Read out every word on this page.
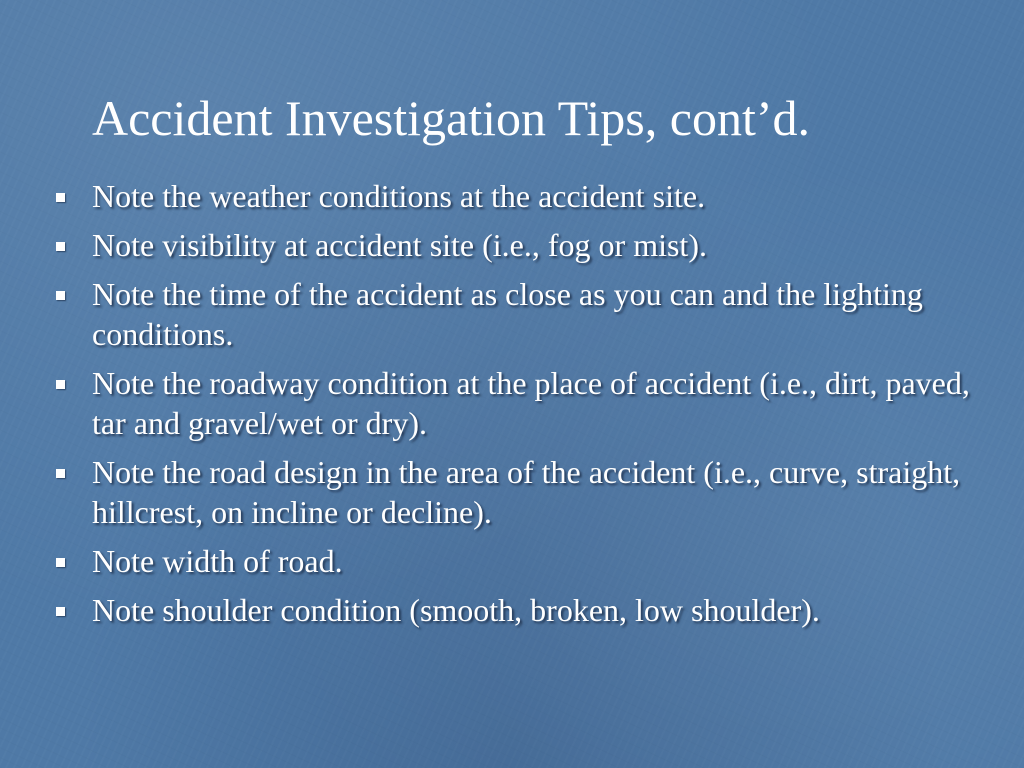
Accident Investigation Tips, cont’d.
Note the weather conditions at the accident site.
Note visibility at accident site (i.e., fog or mist).
Note the time of the accident as close as you can and the lighting conditions.
Note the roadway condition at the place of accident (i.e., dirt, paved, tar and gravel/wet or dry).
Note the road design in the area of the accident (i.e., curve, straight, hillcrest, on incline or decline).
Note width of road.
Note shoulder condition (smooth, broken, low shoulder).
